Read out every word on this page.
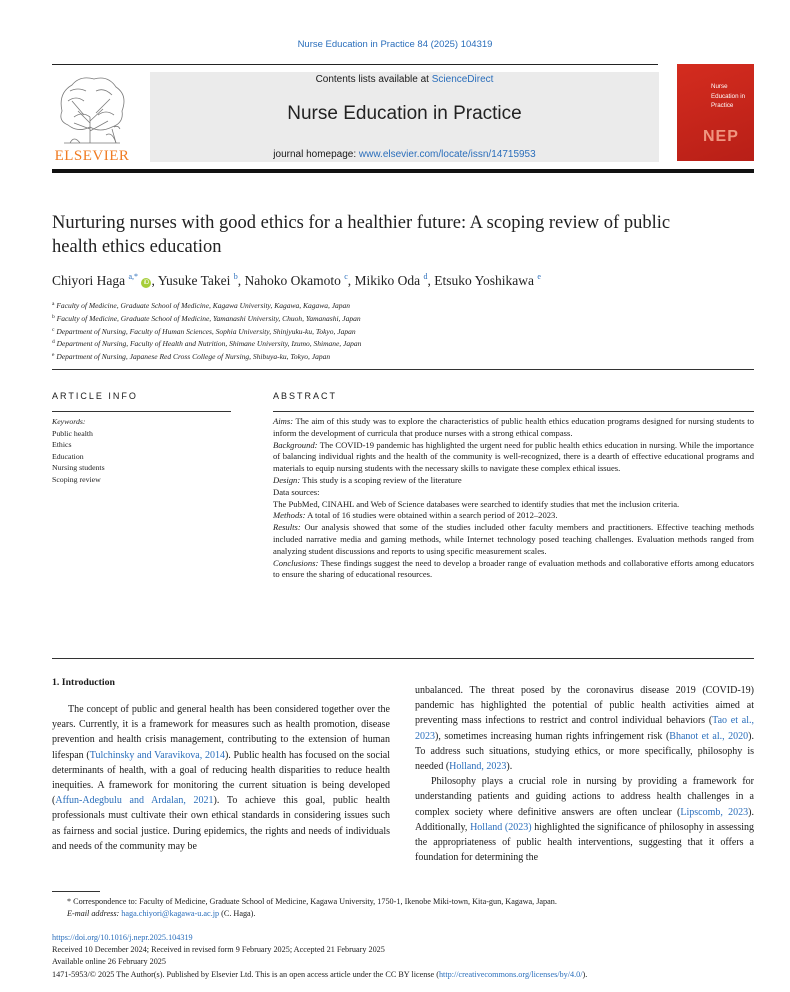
Nurse Education in Practice 84 (2025) 104319
ELSEVIER
Contents lists available at ScienceDirect
Nurse Education in Practice
journal homepage: www.elsevier.com/locate/issn/14715953
Nurse
Education in
Practice
NEP
Nurturing nurses with good ethics for a healthier future: A scoping review of public health ethics education
Chiyori Haga $^{a,*}$ iD , Yusuke Takei $^b$, Nahoko Okamoto $^c$, Mikiko Oda $^d$, Etsuko Yoshikawa $^e$
$^a$ Faculty of Medicine, Graduate School of Medicine, Kagawa University, Kagawa, Kagawa, Japan
$^b$ Faculty of Medicine, Graduate School of Medicine, Yamanashi University, Chuoh, Yamanashi, Japan
$^c$ Department of Nursing, Faculty of Human Sciences, Sophia University, Shinjyuku-ku, Tokyo, Japan
$^d$ Department of Nursing, Faculty of Health and Nutrition, Shimane University, Izumo, Shimane, Japan
$^e$ Department of Nursing, Japanese Red Cross College of Nursing, Shibuya-ku, Tokyo, Japan
ARTICLE INFO	ABSTRACT
Keywords:
Public health
Ethics
Education
Nursing students
Scoping review

Aims: The aim of this study was to explore the characteristics of public health ethics education programs designed for nursing students to inform the development of curricula that produce nurses with a strong ethical compass.

Background: The COVID-19 pandemic has highlighted the urgent need for public health ethics education in nursing. While the importance of balancing individual rights and the health of the community is well-recognized, there is a dearth of effective educational programs and materials to equip nursing students with the necessary skills to navigate these complex ethical issues.

Design: This study is a scoping review of the literature

Data sources:

The PubMed, CINAHL and Web of Science databases were searched to identify studies that met the inclusion criteria.

Methods: A total of 16 studies were obtained within a search period of 2012–2023.

Results: Our analysis showed that some of the studies included other faculty members and practitioners. Effective teaching methods included narrative media and gaming methods, while Internet technology posed teaching challenges. Evaluation methods ranged from analyzing student discussions and reports to using specific measurement scales.

Conclusions: These findings suggest the need to develop a broader range of evaluation methods and collaborative efforts among educators to ensure the sharing of educational resources.

1. Introduction

The concept of public and general health has been considered together over the years. Currently, it is a framework for measures such as health promotion, disease prevention and health crisis management, contributing to the extension of human lifespan (Tulchinsky and Varavikova, 2014). Public health has focused on the social determinants of health, with a goal of reducing health disparities to reduce health inequities. A framework for monitoring the current situation is being developed (Affun-Adegbulu and Ardalan, 2021). To achieve this goal, public health professionals must cultivate their own ethical standards in considering issues such as fairness and social justice. During epidemics, the rights and needs of individuals and needs of the community may be

unbalanced. The threat posed by the coronavirus disease 2019 (COVID-19) pandemic has highlighted the potential of public health activities aimed at preventing mass infections to restrict and control individual behaviors (Tao et al., 2023), sometimes increasing human rights infringement risk (Bhanot et al., 2020). To address such situations, studying ethics, or more specifically, philosophy is needed (Holland, 2023).

Philosophy plays a crucial role in nursing by providing a framework for understanding patients and guiding actions to address health challenges in a complex society where definitive answers are often unclear (Lipscomb, 2023). Additionally, Holland (2023) highlighted the significance of philosophy in assessing the appropriateness of public health interventions, suggesting that it offers a foundation for determining the

* Correspondence to: Faculty of Medicine, Graduate School of Medicine, Kagawa University, 1750-1, Ikenobe Miki-town, Kita-gun, Kagawa, Japan.
E-mail address: haga.chiyori@kagawa-u.ac.jp (C. Haga).
https://doi.org/10.1016/j.nepr.2025.104319
Received 10 December 2024; Received in revised form 9 February 2025; Accepted 21 February 2025
Available online 26 February 2025
1471-5953/© 2025 The Author(s). Published by Elsevier Ltd. This is an open access article under the CC BY license (http://creativecommons.org/licenses/by/4.0/).
